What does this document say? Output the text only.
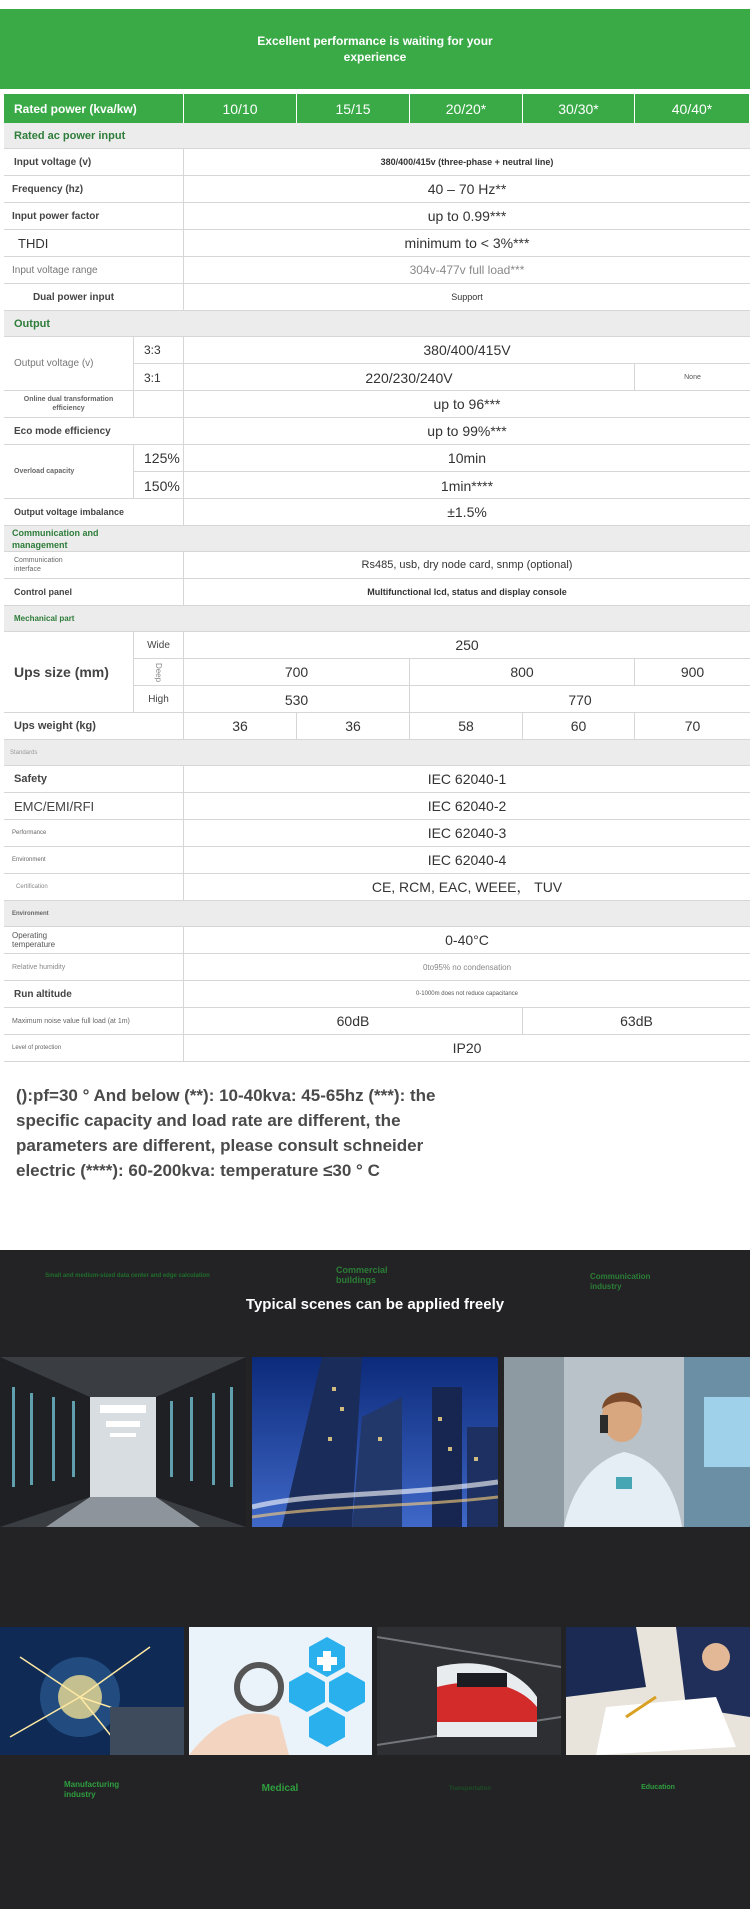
Excellent performance is waiting for your experience
Rated power (kva/kw)	10/10	15/15	20/20*	30/30*	40/40*
Rated ac power input
Input voltage (v)	380/400/415v (three-phase + neutral line)
Frequency (hz)	40 – 70 Hz**
Input power factor	up to 0.99***
THDI	minimum to < 3%***
Input voltage range	304v-477v full load***
Dual power input	Support
Output
Output voltage (v)
3:3	380/400/415V
3:1	220/230/240V	None
Online dual transformation efficiency	up to 96***
Eco mode efficiency	up to 99%***
Overload capacity
125%	10min
150%	1min****
Output voltage imbalance	±1.5%
Communication and management
Communication interface	Rs485, usb, dry node card, snmp (optional)
Control panel	Multifunctional lcd, status and display console
Mechanical part
Ups size (mm)
Wide	250
Deep	700	800	900
High	530	770
Ups weight (kg)	36	36	58	60	70
Standards
Safety	IEC 62040-1
EMC/EMI/RFI	IEC 62040-2
Performance	IEC 62040-3
Environment	IEC 62040-4
Certification	CE, RCM, EAC, WEEE， TUV
Environment
Operating temperature	0-40°C
Relative humidity	0to95% no condensation
Run altitude	0-1000m does not reduce capacitance
Maximum noise value full load (at 1m)	60dB	63dB
Level of protection	IP20
():pf=30 ° And below (**): 10-40kva: 45-65hz (***): the specific capacity and load rate are different, the parameters are different, please consult schneider electric (****): 60-200kva: temperature ≤30 ° C
Typical scenes can be applied freely
Small and medium-sized data center and edge calculation
Commercial buildings	Communication industry
Manufacturing industry
Medical	Transportation	Education
